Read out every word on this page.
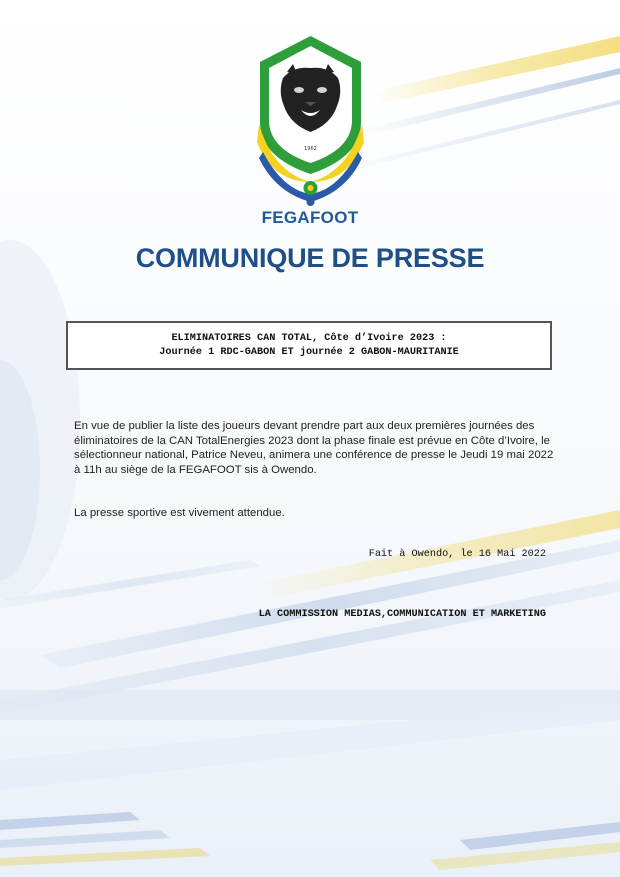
1962
FEGAFOOT
COMMUNIQUE DE PRESSE
ELIMINATOIRES CAN TOTAL, Côte d’Ivoire 2023 :
Journée 1 RDC-GABON ET journée 2 GABON-MAURITANIE

En vue de publier la liste des joueurs devant prendre part aux deux premières journées des éliminatoires de la CAN TotalEnergies 2023 dont la phase finale est prévue en Côte d’Ivoire, le sélectionneur national, Patrice Neveu, animera une conférence de presse le Jeudi 19 mai 2022 à 11h au siège de la FEGAFOOT sis à Owendo.

La presse sportive est vivement attendue.

Fait à Owendo, le 16 Mai 2022
LA COMMISSION MEDIAS,COMMUNICATION ET MARKETING
